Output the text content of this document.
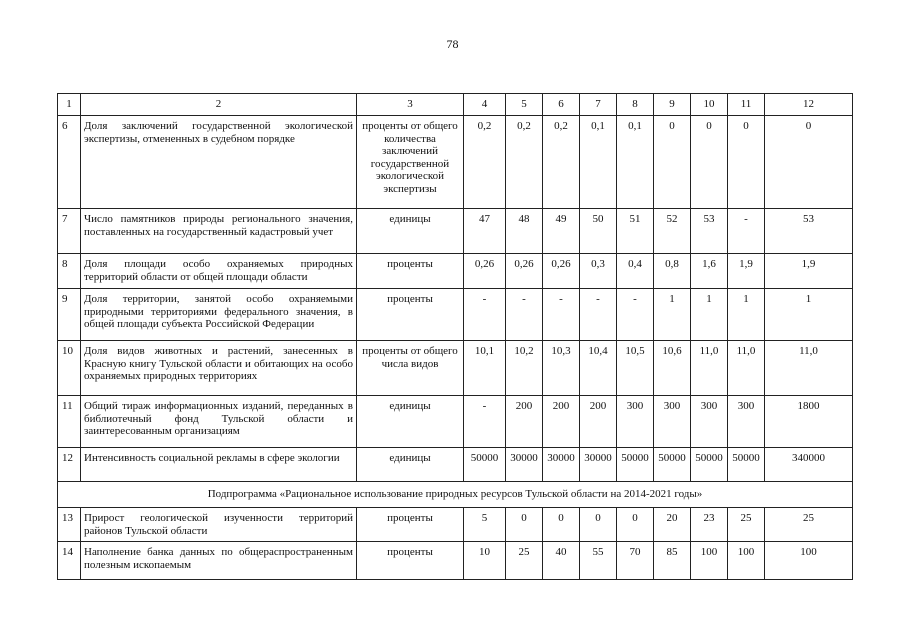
78
1	2	3	4	5	6	7	8	9	10	11	12
6	Доля заключений государственной экологической экспертизы, отмененных в судебном порядке	проценты от общего количества заключений государственной экологической экспертизы	0,2	0,2	0,2	0,1	0,1	0	0	0	0
7	Число памятников природы регионального значения, поставленных на государственный кадастровый учет	единицы	47	48	49	50	51	52	53	-	53
8	Доля площади особо охраняемых природных территорий области от общей площади области	проценты	0,26	0,26	0,26	0,3	0,4	0,8	1,6	1,9	1,9
9	Доля территории, занятой особо охраняемыми природными территориями федерального значения, в общей площади субъекта Российской Федерации	проценты	-	-	-	-	-	1	1	1	1
10	Доля видов животных и растений, занесенных в Красную книгу Тульской области и обитающих на особо охраняемых природных территориях	проценты от общего числа видов	10,1	10,2	10,3	10,4	10,5	10,6	11,0	11,0	11,0
11	Общий тираж информационных изданий, переданных в библиотечный фонд Тульской области и заинтересованным организациям	единицы	-	200	200	200	300	300	300	300	1800
12	Интенсивность социальной рекламы в сфере экологии	единицы	50000	30000	30000	30000	50000	50000	50000	50000	340000
Подпрограмма «Рациональное использование природных ресурсов Тульской области на 2014-2021 годы»											
13	Прирост геологической изученности территорий районов Тульской области	проценты	5	0	0	0	0	20	23	25	25
14	Наполнение банка данных по общераспространенным полезным ископаемым	проценты	10	25	40	55	70	85	100	100	100
